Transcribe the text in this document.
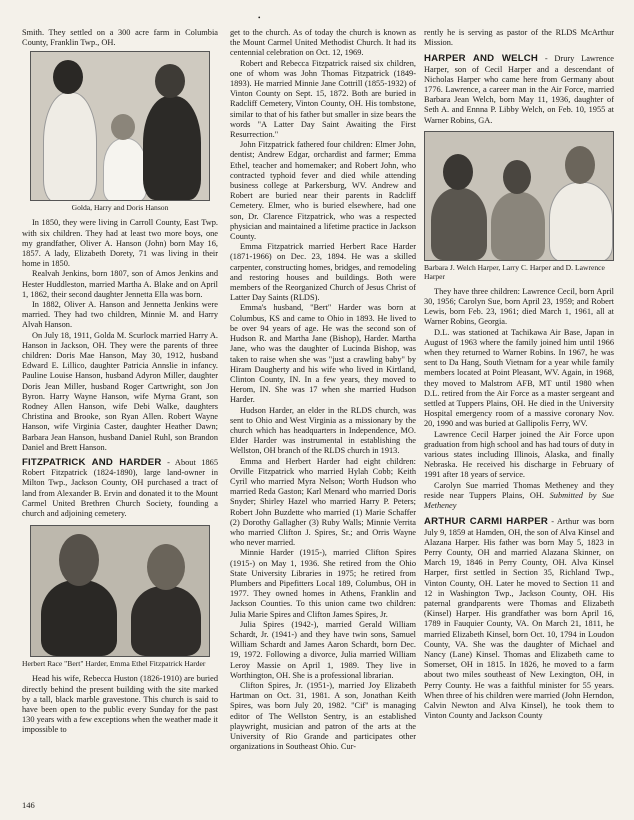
•

Smith. They settled on a 300 acre farm in Columbia County, Franklin Twp., OH.

Golda, Harry and Doris Hanson

In 1850, they were living in Carroll County, East Twp. with six children. They had at least two more boys, one my grandfather, Oliver A. Hanson (John) born May 16, 1857. A lady, Elizabeth Dorety, 71 was living in their home in 1850.

Realvah Jenkins, born 1807, son of Amos Jenkins and Hester Huddleston, married Martha A. Blake and on April 1, 1862, their second daughter Jennetta Ella was born.

In 1882, Oliver A. Hanson and Jennetta Jenkins were married. They had two children, Minnie M. and Harry Alvah Hanson.

On July 18, 1911, Golda M. Scurlock married Harry A. Hanson in Jackson, OH. They were the parents of three children: Doris Mae Hanson, May 30, 1912, husband Edward E. Lillico, daughter Patricia Annslie in infancy. Pauline Louise Hanson, husband Adyron Miller, daughter Doris Jean Miller, husband Roger Cartwright, son Jon Byron. Harry Wayne Hanson, wife Myrna Grant, son Rodney Allen Hanson, wife Debi Walke, daughters Christina and Brooke, son Ryan Allen. Robert Wayne Hanson, wife Virginia Caster, daughter Heather Dawn; Barbara Jean Hanson, husband Daniel Ruhl, son Brandon Daniel and Brett Hanson.

FITZPATRICK AND HARDER - About 1865 Robert Fitzpatrick (1824-1890), large land-owner in Milton Twp., Jackson County, OH purchased a tract of land from Alexander B. Ervin and donated it to the Mount Carmel United Brethren Church Society, founding a church and adjoining cemetery.

Herbert Race "Bert" Harder, Emma Ethel Fitzpatrick Harder

Head his wife, Rebecca Huston (1826-1910) are buried directly behind the present building with the site marked by a tall, black marble gravestone. This church is said to have been open to the public every Sunday for the past 130 years with a few exceptions when the weather made it impossible to

get to the church. As of today the church is known as the Mount Carmel United Methodist Church. It had its centennial celebration on Oct. 12, 1969.

Robert and Rebecca Fitzpatrick raised six children, one of whom was John Thomas Fitzpatrick (1849-1893). He married Minnie Jane Cottrill (1855-1932) of Vinton County on Sept. 15, 1872. Both are buried in Radcliff Cemetery, Vinton County, OH. His tombstone, similar to that of his father but smaller in size bears the words "A Latter Day Saint Awaiting the First Resurrection."

John Fitzpatrick fathered four children: Elmer John, dentist; Andrew Edgar, orchardist and farmer; Emma Ethel, teacher and homemaker; and Robert John, who contracted typhoid fever and died while attending business college at Parkersburg, WV. Andrew and Robert are buried near their parents in Radcliff Cemetery. Elmer, who is buried elsewhere, had one son, Dr. Clarence Fitzpatrick, who was a respected physician and maintained a lifetime practice in Jackson County.

Emma Fitzpatrick married Herbert Race Harder (1871-1966) on Dec. 23, 1894. He was a skilled carpenter, constructing homes, bridges, and remodeling and restoring houses and buildings. Both were members of the Reorganized Church of Jesus Christ of Latter Day Saints (RLDS).

Emma's husband, "Bert" Harder was born at Columbus, KS and came to Ohio in 1893. He lived to be over 94 years of age. He was the second son of Hudson R. and Martha Jane (Bishop), Harder. Martha Jane, who was the daughter of Lucinda Bishop, was taken to raise when she was "just a crawling baby" by Hiram Daugherty and his wife who lived in Kirtland, Clinton County, IN. In a few years, they moved to Herom, IN. She was 17 when she married Hudson Harder.

Hudson Harder, an elder in the RLDS church, was sent to Ohio and West Virginia as a missionary by the church which has headquarters in Independence, MO. Elder Harder was instrumental in establishing the Wellston, OH branch of the RLDS church in 1913.

Emma and Herbert Harder had eight children: Orville Fitzpatrick who married Hylah Cobb; Keith Cyril who married Myra Nelson; Worth Hudson who married Reda Gaston; Karl Menard who married Doris Snyder; Shirley Hazel who married Harry P. Peters; Robert John Buzdette who married (1) Marie Schaffer (2) Dorothy Gallagher (3) Ruby Walls; Minnie Verrita who married Clifton J. Spires, Sr.; and Orris Wayne who never married.

Minnie Harder (1915-), married Clifton Spires (1915-) on May 1, 1936. She retired from the Ohio State University Libraries in 1975; he retired from Plumbers and Pipefitters Local 189, Columbus, OH in 1977. They owned homes in Athens, Franklin and Jackson Counties. To this union came two children: Julia Marie Spires and Clifton James Spires, Jr.

Julia Spires (1942-), married Gerald William Schardt, Jr. (1941-) and they have twin sons, Samuel William Schardt and James Aaron Schardt, born Dec. 19, 1972. Following a divorce, Julia married William Leroy Massie on April 1, 1989. They live in Worthington, OH. She is a professional librarian.

Clifton Spires, Jr. (1951-), married Joy Elizabeth Hartman on Oct. 31, 1981. A son, Jonathan Keith Spires, was born July 20, 1982. "Cif" is managing editor of The Wellston Sentry, is an established playwright, musician and patron of the arts at the University of Rio Grande and participates other organizations in Southeast Ohio. Cur-

rently he is serving as pastor of the RLDS McArthur Mission.

HARPER AND WELCH - Drury Lawrence Harper, son of Cecil Harper and a descendant of Nicholas Harper who came here from Germany about 1776. Lawrence, a career man in the Air Force, married Barbara Jean Welch, born May 11, 1936, daughter of Seth A. and Ennna P. Libby Welch, on Feb. 10, 1955 at Warner Robins, GA.

Barbara J. Welch Harper, Larry C. Harper and D. Lawrence Harper

They have three children: Lawrence Cecil, born April 30, 1956; Carolyn Sue, born April 23, 1959; and Robert Lewis, born Feb. 23, 1961; died March 1, 1961, all at Warner Robins, Georgia.

D.L. was stationed at Tachikawa Air Base, Japan in August of 1963 where the family joined him until 1966 when they returned to Warner Robins. In 1967, he was sent to Da Hang, South Vietnam for a year while family members located at Point Pleasant, WV. Again, in 1968, they moved to Malstrom AFB, MT until 1980 when D.L. retired from the Air Force as a master sergeant and settled at Tuppers Plains, OH. He died in the University Hospital emergency room of a massive coronary Nov. 20, 1990 and was buried at Gallipolis Ferry, WV.

Lawrence Cecil Harper joined the Air Force upon graduation from high school and has had tours of duty in various states including Illinois, Alaska, and finally Nebraska. He received his discharge in February of 1991 after 18 years of service.

Carolyn Sue married Thomas Metheney and they reside near Tuppers Plains, OH. Submitted by Sue Metheney

ARTHUR CARMI HARPER - Arthur was born July 9, 1859 at Hamden, OH, the son of Alva Kinsel and Alazana Harper. His father was born May 5, 1823 in Perry County, OH and married Alazana Skinner, on March 19, 1846 in Perry County, OH. Alva Kinsel Harper, first settled in Section 35, Richland Twp., Vinton County, OH. Later he moved to Section 11 and 12 in Washington Twp., Jackson County, OH. His paternal grandparents were Thomas and Elizabeth (Kinsel) Harper. His grandfather was born April 16, 1789 in Fauquier County, VA. On March 21, 1811, he married Elizabeth Kinsel, born Oct. 10, 1794 in Loudon County, VA. She was the daughter of Michael and Nancy (Lane) Kinsel. Thomas and Elizabeth came to Somerset, OH in 1815. In 1826, he moved to a farm about two miles southeast of New Lexington, OH, in Perry County. He was a faithful minister for 55 years. When three of his children were married (John Herndon, Calvin Newton and Alva Kinsel), he took them to Vinton County and Jackson County

146
